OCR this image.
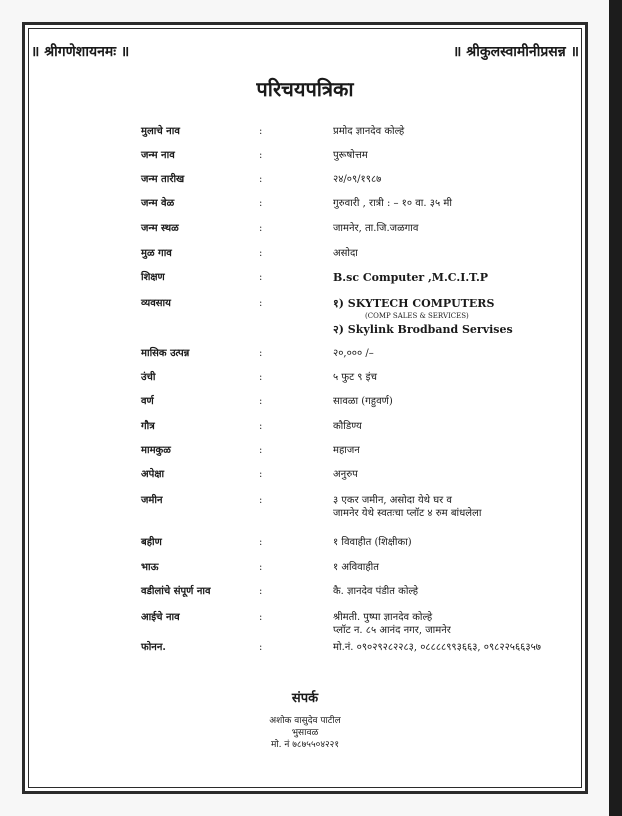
॥ श्रीगणेशायनमः ॥	॥ श्रीकुलस्वामीनीप्रसन्न ॥
परिचयपत्रिका
मुलाचे नाव	:	प्रमोद ज्ञानदेव कोल्हे
जन्म नाव	:	पुरूषोत्तम
जन्म तारीख	:	२४/०९/१९८७
जन्म वेळ	:	गुरुवारी , रात्री : – १० वा. ३५ मी
जन्म स्थळ	:	जामनेर, ता.जि.जळगाव
मुळ गाव	:	असोदा
शिक्षण	:	B.sc Computer ,M.C.I.T.P
व्यवसाय	:	१) SKYTECH COMPUTERS
(COMP SALES & SERVICES)
२) Skylink Brodband Servises
मासिक उत्पन्न	:	२०,००० /–
उंची	:	५ फुट ९ इंच
वर्ण	:	सावळा (गहुवर्ण)
गौत्र	:	कौडिण्य
मामकुळ	:	महाजन
अपेक्षा	:	अनुरुप
जमीन	:	३ एकर जमीन, असोदा येथे घर व
जामनेर येथे स्वतःचा प्लॉट ४ रुम बांधलेला
बहीण	:	१ विवाहीत (शिक्षीका)
भाऊ	:	१ अविवाहीत
वडीलांचे संपूर्ण नाव	:	कै. ज्ञानदेव पंडीत कोल्हे
आईचे नाव	:	श्रीमती. पुष्पा ज्ञानदेव कोल्हे
प्लॉट न. ८५ आनंद नगर, जामनेर
फोनन.	:	मो.नं. ०९०२९२८२२८३, ०८८८८९९३६६३, ०९८२२५६६३५७
संपर्क
अशोक वासुदेव पाटील
भुसावळ
मो. नं ७८७५५०४२२१
